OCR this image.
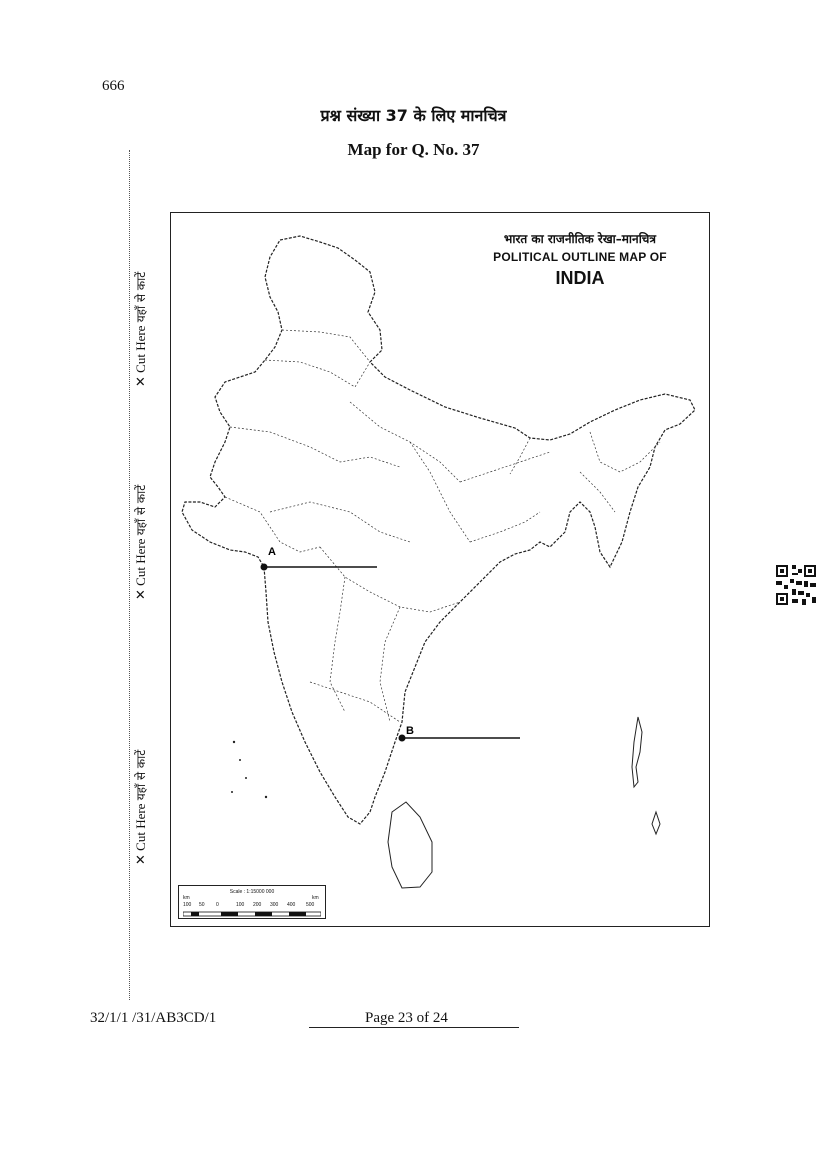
666
प्रश्न संख्या 37 के लिए मानचित्र
Map for Q. No. 37
✕ Cut Here यहाँ से काटें
✕ Cut Here यहाँ से काटें
✕ Cut Here यहाँ से काटें
A
B
भारत का राजनीतिक रेखा–मानचित्र
POLITICAL OUTLINE MAP OF
INDIA
Scale : 1:15000 000
km	km
100 50 0	100 200 300 400 500
32/1/1 /31/AB3CD/1	Page 23 of 24
